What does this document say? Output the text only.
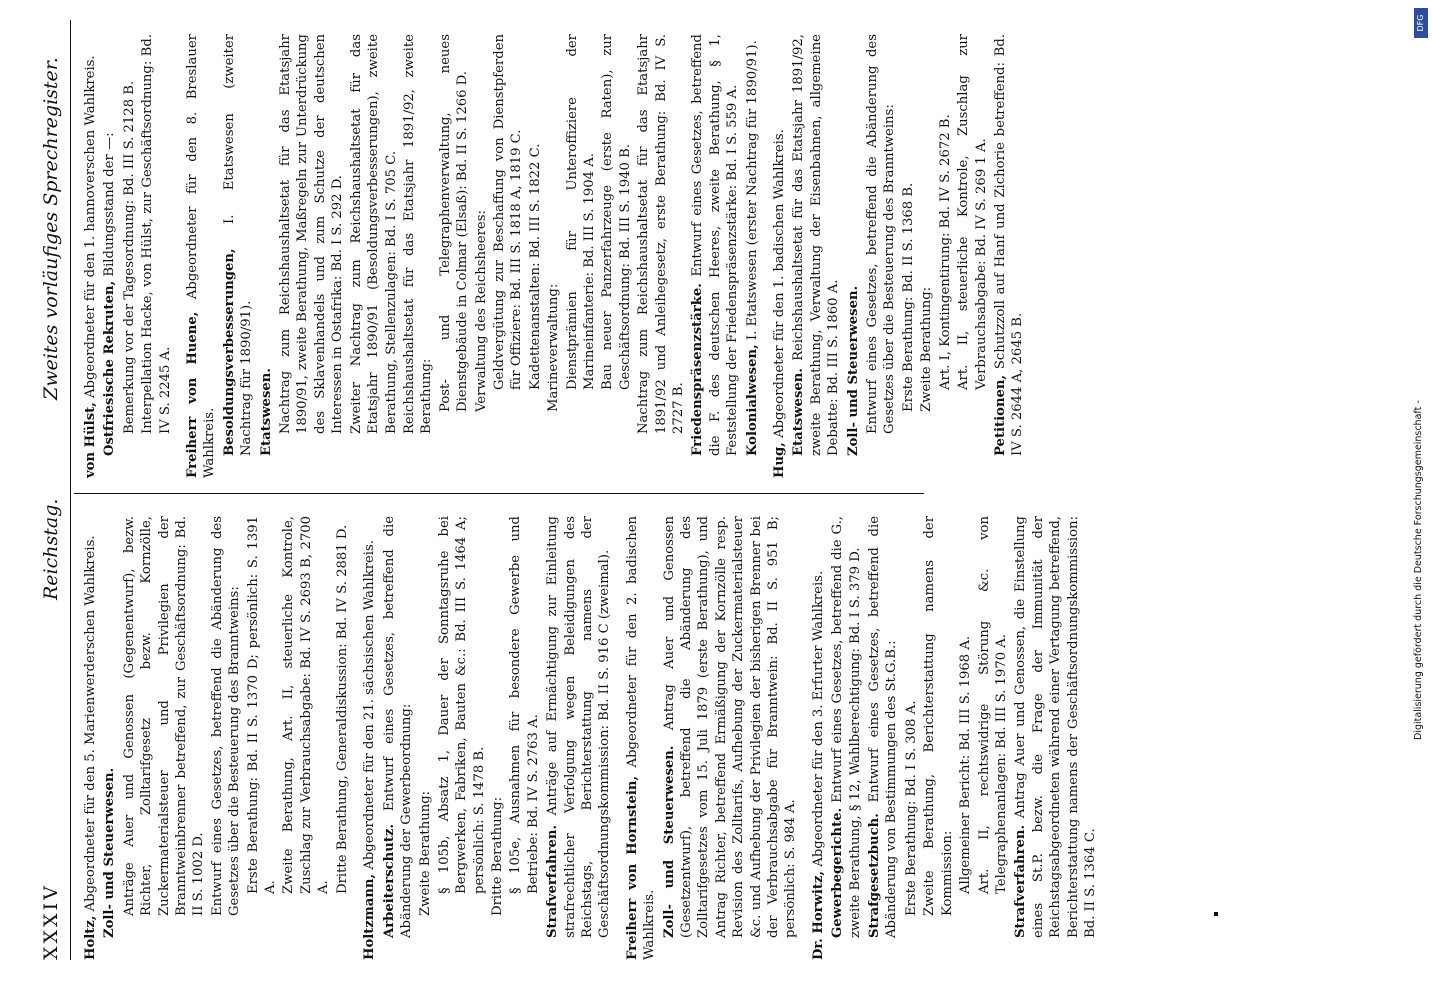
XXXIV
Reichstag.
Zweites vorläufiges Sprechregister.
Holtz, Abgeordneter für den 5. Marienwerderschen Wahlkreis. Zoll- und Steuerwesen. Anträge Auer und Genossen (Gegenentwurf), bezw. Richter, Zolltarifgesetz bezw. Kornzölle, Zuckermaterialsteuer und Privilegien der Branntweinbrenner betreffend, zur Geschäftsordnung: Bd. II S. 1002 D. Entwurf eines Gesetzes, betreffend die Abänderung des Gesetzes über die Besteuerung des Branntweins: Erste Berathung: Bd. II S. 1370 D; persönlich: S. 1391 A. Zweite Berathung, Art. II, steuerliche Kontrole, Zuschlag zur Verbrauchsabgabe: Bd. IV S. 2693 B, 2700 A. Dritte Berathung, Generaldiskussion: Bd. IV S. 2881 D.
Holtzmann, Abgeordneter für den 21. sächsischen Wahlkreis.
Arbeiterschutz. Entwurf eines Gesetzes, betreffend die Abänderung der Gewerbeordnung: Zweite Berathung: § 105b, Absatz 1, Dauer der Sonntagsruhe bei Bergwerken, Fabriken, Bauten &c.: Bd. III S. 1464 A; persönlich: S. 1478 B. Dritte Berathung: § 105e, Ausnahmen für besondere Gewerbe und Betriebe: Bd. IV S. 2763 A. Strafverfahren. Anträge auf Ermächtigung zur Einleitung strafrechtlicher Verfolgung wegen Beleidigungen des Reichstags, Berichterstattung namens der Geschäftsordnungskommission: Bd. II S. 916 C (zweimal). Freiherr von Hornstein, Abgeordneter für den 2. badischen Wahlkreis. Zoll- und Steuerwesen. Antrag Auer und Genossen (Gesetzentwurf), betreffend die Abänderung des Zolltarifgesetzes vom 15. Juli 1879 (erste Berathung), und Antrag Richter, betreffend Ermäßigung der Kornzölle resp. Revision des Zolltarifs, Aufhebung der Zuckermaterialsteuer &c. und Aufhebung der Privilegien der bisherigen Brenner bei der Verbrauchsabgabe für Branntwein: Bd. II S. 951 B; persönlich: S. 984 A. Dr. Horwitz, Abgeordneter für den 3. Erfurter Wahlkreis.
Gewerbegerichte. Entwurf eines Gesetzes, betreffend die G., zweite Berathung, § 12, Wahlberechtigung: Bd. I S. 379 D. Strafgesetzbuch. Entwurf eines Gesetzes, betreffend die Abänderung von Bestimmungen des St.G.B.: Erste Berathung: Bd. I S. 308 A. Zweite Berathung, Berichterstattung namens der Kommission: Allgemeiner Bericht: Bd. III S. 1968 A. Art. II, rechtswidrige Störung &c. von Telegraphenanlagen: Bd. III S. 1970 A. Strafverfahren. Antrag Auer und Genossen, die Einstellung eines St.P. bezw. die Frage der Immunität der Reichstagsabgeordneten während einer Vertagung betreffend, Berichterstattung namens der Geschäftsordnungskommission: Bd. II S. 1364 C.
von Hülst, Abgeordneter für den 1. hannoverschen Wahlkreis. Ostfriesische Rekruten, Bildungsstand der —: Bemerkung vor der Tagesordnung: Bd. III S. 2128 B. Interpellation Hacke, von Hülst, zur Geschäftsordnung: Bd. IV S. 2245 A. Freiherr von Huene, Abgeordneter für den 8. Breslauer Wahlkreis. Besoldungsverbesserungen, I. Etatswesen (zweiter Nachtrag für 1890/91). Etatswesen. Nachtrag zum Reichshaushaltsetat für das Etatsjahr 1890/91, zweite Berathung, Maßregeln zur Unterdrückung des Sklavenhandels und zum Schutze der deutschen Interessen in Ostafrika: Bd. I S. 292 D. Zweiter Nachtrag zum Reichshaushaltsetat für das Etatsjahr 1890/91 (Besoldungsverbesserungen), zweite Berathung, Stellenzulagen: Bd. I S. 705 C. Reichshaushaltsetat für das Etatsjahr 1891/92, zweite Berathung: Post- und Telegraphenverwaltung, neues Dienstgebäude in Colmar (Elsaß): Bd. II S. 1266 D. Verwaltung des Reichsheeres: Geldvergütung zur Beschaffung von Dienstpferden für Offiziere: Bd. III S. 1818 A, 1819 C. Kadettenanstalten: Bd. III S. 1822 C. Marineverwaltung: Dienstprämien für Unteroffiziere der Marineinfanterie: Bd. III S. 1904 A. Bau neuer Panzerfahrzeuge (erste Raten), zur Geschäftsordnung: Bd. III S. 1940 B. Nachtrag zum Reichshaushaltsetat für das Etatsjahr 1891/92 und Anleihegesetz, erste Berathung: Bd. IV S. 2727 B. Friedenspräsenzstärke. Entwurf eines Gesetzes, betreffend die F. des deutschen Heeres, zweite Berathung, § 1, Feststellung der Friedenspräsenzstärke: Bd. I S. 559 A. Kolonialwesen, I. Etatswesen (erster Nachtrag für 1890/91).
Hug, Abgeordneter für den 1. badischen Wahlkreis. Etatswesen. Reichshaushaltsetat für das Etatsjahr 1891/92, zweite Berathung, Verwaltung der Eisenbahnen, allgemeine Debatte: Bd. III S. 1860 A. Zoll- und Steuerwesen. Entwurf eines Gesetzes, betreffend die Abänderung des Gesetzes über die Besteuerung des Branntweins: Erste Berathung: Bd. II S. 1368 B. Zweite Berathung: Art. I, Kontingentirung: Bd. IV S. 2672 B. Art. II, steuerliche Kontrole, Zuschlag zur Verbrauchsabgabe: Bd. IV S. 269 1 A.
Petitionen, Schutzzoll auf Hanf und Zichorie betreffend: Bd. IV S. 2644 A, 2645 B.
Digitalisierung gefördert durch die Deutsche Forschungsgemeinschaft -
DFG
